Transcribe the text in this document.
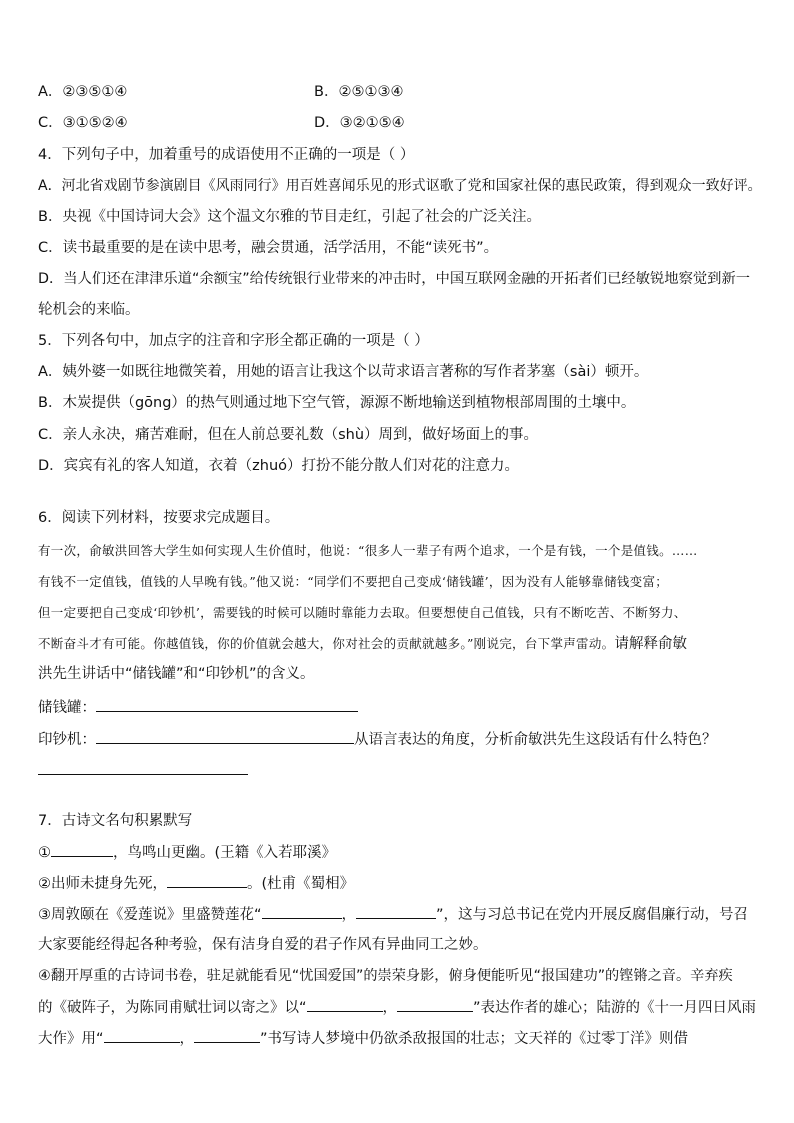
A．②③⑤①④	B．②⑤①③④
C．③①⑤②④	D．③②①⑤④
4．下列句子中，加着重号的成语使用不正确的一项是（ ）
A．河北省戏剧节参演剧目《风雨同行》用百姓喜闻乐见的形式讴歌了党和国家社保的惠民政策，得到观众一致好评。
B．央视《中国诗词大会》这个温文尔雅的节目走红，引起了社会的广泛关注。
C．读书最重要的是在读中思考，融会贯通，活学活用，不能“读死书”。
D．当人们还在津津乐道“余额宝”给传统银行业带来的冲击时，中国互联网金融的开拓者们已经敏锐地察觉到新一
轮机会的来临。
5．下列各句中，加点字的注音和字形全都正确的一项是（ ）
A．姨外婆一如既往地微笑着，用她的语言让我这个以苛求语言著称的写作者茅塞（sài）顿开。
B．木炭提供（gōng）的热气则通过地下空气管，源源不断地输送到植物根部周围的土壤中。
C．亲人永决，痛苦难耐，但在人前总要礼数（shù）周到，做好场面上的事。
D．宾宾有礼的客人知道，衣着（zhuó）打扮不能分散人们对花的注意力。
6．阅读下列材料，按要求完成题目。
有一次，俞敏洪回答大学生如何实现人生价值时，他说：“很多人一辈子有两个追求，一个是有钱，一个是值钱。……
有钱不一定值钱，值钱的人早晚有钱。”他又说：“同学们不要把自己变成‘储钱罐’，因为没有人能够靠储钱变富；
但一定要把自己变成‘印钞机’，需要钱的时候可以随时靠能力去取。但要想使自己值钱，只有不断吃苦、不断努力、
不断奋斗才有可能。你越值钱，你的价值就会越大，你对社会的贡献就越多。”刚说完，台下掌声雷动。请解释俞敏
洪先生讲话中“储钱罐”和“印钞机”的含义。
储钱罐：
印钞机：	从语言表达的角度，分析俞敏洪先生这段话有什么特色？
7．古诗文名句积累默写
①	，鸟鸣山更幽。(王籍《入若耶溪》
②出师未捷身先死，	。(杜甫《蜀相》
③周敦颐在《爱莲说》里盛赞莲花“	，	”，这与习总书记在党内开展反腐倡廉行动，号召
大家要能经得起各种考验，保有洁身自爱的君子作风有异曲同工之妙。
④翻开厚重的古诗词书卷，驻足就能看见“忧国爱国”的崇荣身影，俯身便能听见“报国建功”的铿锵之音。辛弃疾
的《破阵子，为陈同甫赋壮词以寄之》以“	，	”表达作者的雄心；陆游的《十一月四日风雨
大作》用“	，	”书写诗人梦境中仍欲杀敌报国的壮志；文天祥的《过零丁洋》则借
